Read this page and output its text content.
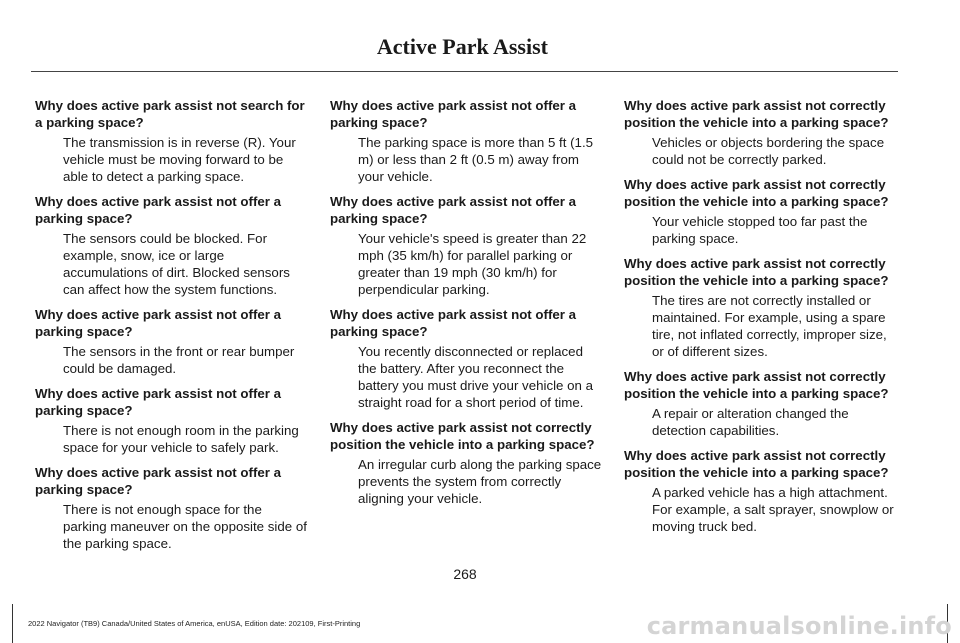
Active Park Assist

Why does active park assist not search for a parking space?

The transmission is in reverse (R). Your vehicle must be moving forward to be able to detect a parking space.

Why does active park assist not offer a parking space?

The sensors could be blocked. For example, snow, ice or large accumulations of dirt. Blocked sensors can affect how the system functions.

Why does active park assist not offer a parking space?

The sensors in the front or rear bumper could be damaged.

Why does active park assist not offer a parking space?

There is not enough room in the parking space for your vehicle to safely park.

Why does active park assist not offer a parking space?

There is not enough space for the parking maneuver on the opposite side of the parking space.

Why does active park assist not offer a parking space?

The parking space is more than 5 ft (1.5 m) or less than 2 ft (0.5 m) away from your vehicle.

Why does active park assist not offer a parking space?

Your vehicle's speed is greater than 22 mph (35 km/h) for parallel parking or greater than 19 mph (30 km/h) for perpendicular parking.

Why does active park assist not offer a parking space?

You recently disconnected or replaced the battery. After you reconnect the battery you must drive your vehicle on a straight road for a short period of time.

Why does active park assist not correctly position the vehicle into a parking space?

An irregular curb along the parking space prevents the system from correctly aligning your vehicle.

Why does active park assist not correctly position the vehicle into a parking space?

Vehicles or objects bordering the space could not be correctly parked.

Why does active park assist not correctly position the vehicle into a parking space?

Your vehicle stopped too far past the parking space.

Why does active park assist not correctly position the vehicle into a parking space?

The tires are not correctly installed or maintained. For example, using a spare tire, not inflated correctly, improper size, or of different sizes.

Why does active park assist not correctly position the vehicle into a parking space?

A repair or alteration changed the detection capabilities.

Why does active park assist not correctly position the vehicle into a parking space?

A parked vehicle has a high attachment. For example, a salt sprayer, snowplow or moving truck bed.

268
2022 Navigator (TB9) Canada/United States of America, enUSA, Edition date: 202109, First-Printing	carmanualsonline.info
